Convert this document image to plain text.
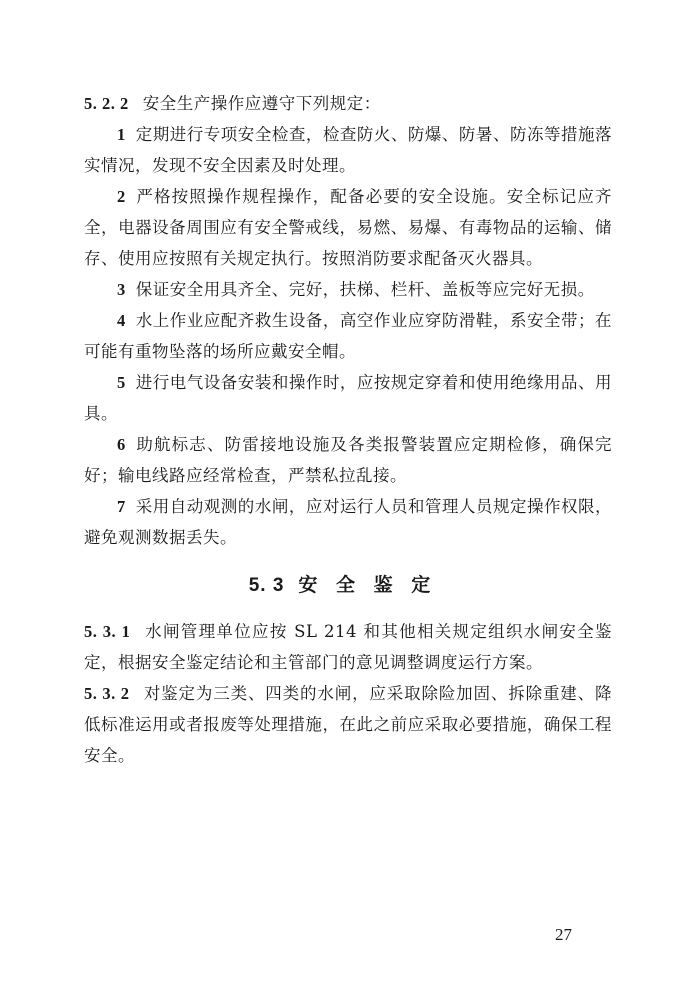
5. 2. 2 安全生产操作应遵守下列规定：

1 定期进行专项安全检查，检查防火、防爆、防暑、防冻等措施落实情况，发现不安全因素及时处理。

2 严格按照操作规程操作，配备必要的安全设施。安全标记应齐全，电器设备周围应有安全警戒线，易燃、易爆、有毒物品的运输、储存、使用应按照有关规定执行。按照消防要求配备灭火器具。

3 保证安全用具齐全、完好，扶梯、栏杆、盖板等应完好无损。

4 水上作业应配齐救生设备，高空作业应穿防滑鞋，系安全带；在可能有重物坠落的场所应戴安全帽。

5 进行电气设备安装和操作时，应按规定穿着和使用绝缘用品、用具。

6 助航标志、防雷接地设施及各类报警装置应定期检修，确保完好；输电线路应经常检查，严禁私拉乱接。

7 采用自动观测的水闸，应对运行人员和管理人员规定操作权限，避免观测数据丢失。

5. 3 安 全 鉴 定

5. 3. 1 水闸管理单位应按 SL 214 和其他相关规定组织水闸安全鉴定，根据安全鉴定结论和主管部门的意见调整调度运行方案。

5. 3. 2 对鉴定为三类、四类的水闸，应采取除险加固、拆除重建、降低标准运用或者报废等处理措施，在此之前应采取必要措施，确保工程安全。

27
